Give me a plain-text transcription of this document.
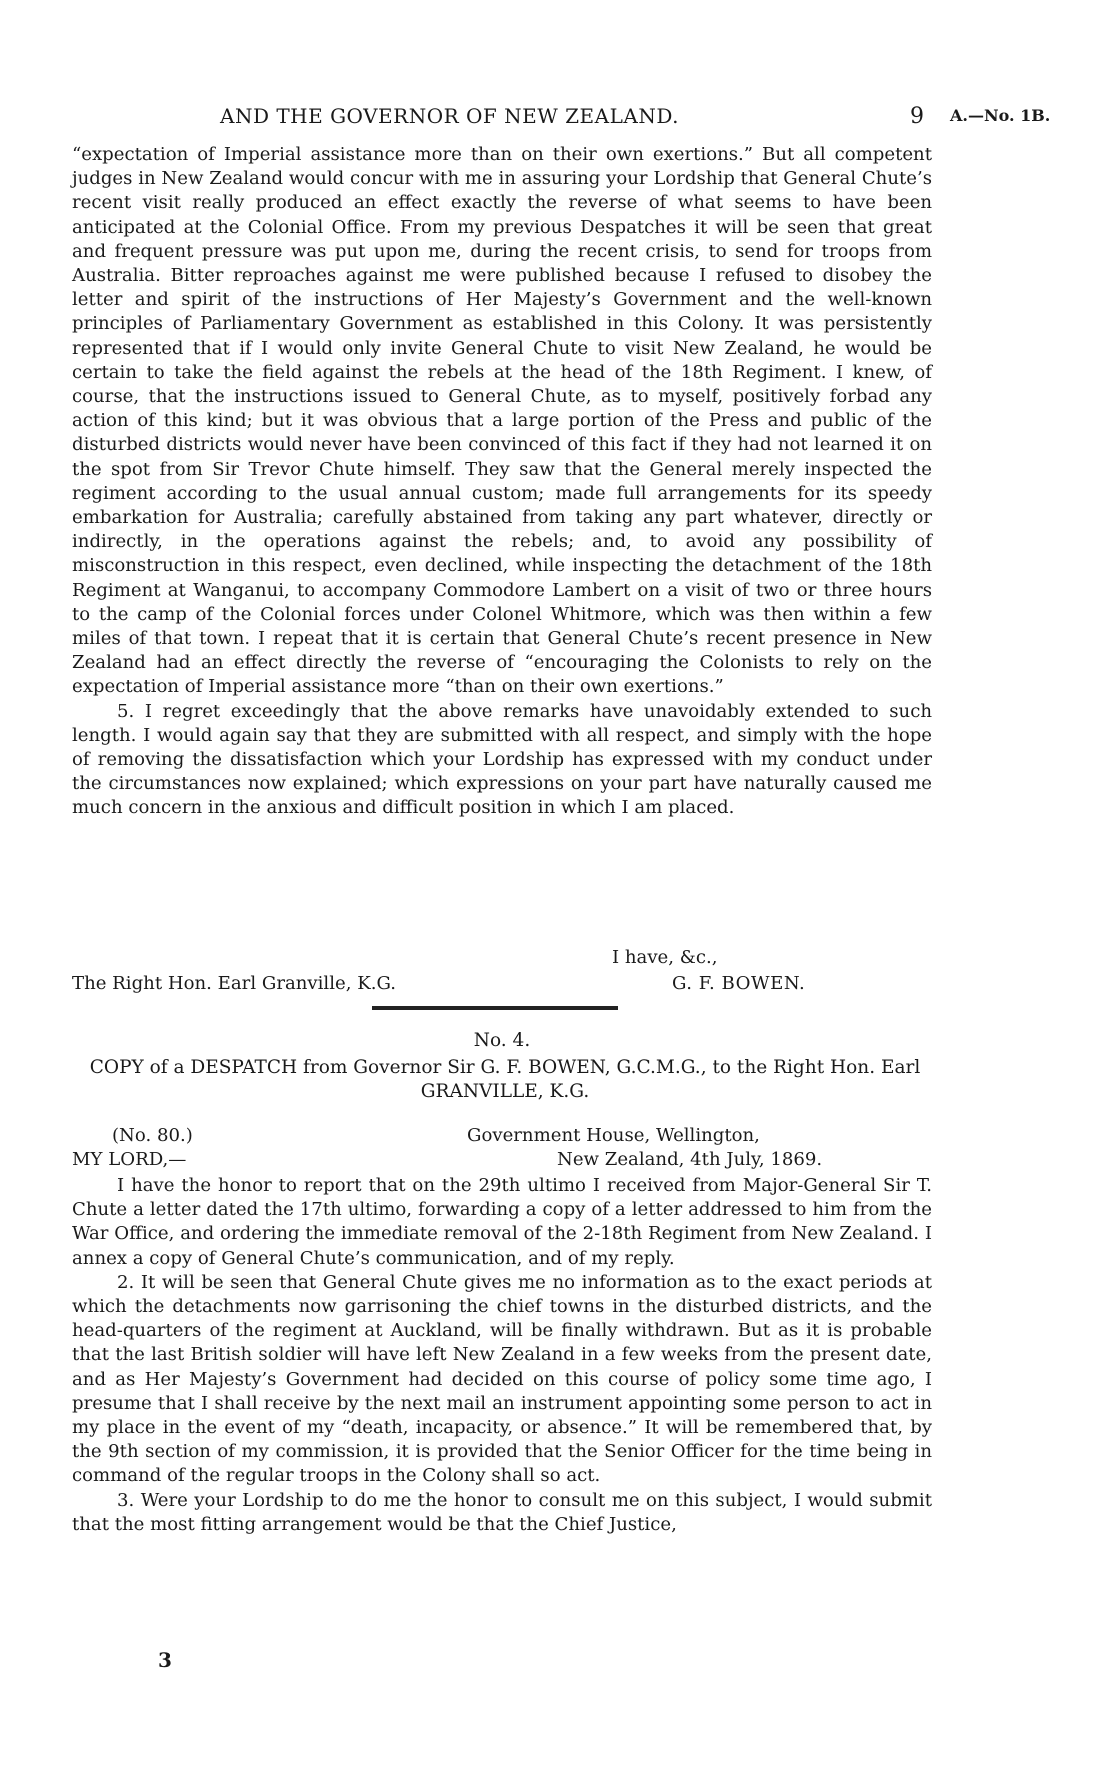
AND THE GOVERNOR OF NEW ZEALAND.	9 A.—No. 1B.

“expectation of Imperial assistance more than on their own exertions.” But all competent judges in New Zealand would concur with me in assuring your Lordship that General Chute’s recent visit really produced an effect exactly the reverse of what seems to have been anticipated at the Colonial Office. From my previous Despatches it will be seen that great and frequent pressure was put upon me, during the recent crisis, to send for troops from Australia. Bitter reproaches against me were published because I refused to disobey the letter and spirit of the instructions of Her Majesty’s Government and the well-known principles of Parliamentary Government as established in this Colony. It was persistently represented that if I would only invite General Chute to visit New Zealand, he would be certain to take the field against the rebels at the head of the 18th Regiment. I knew, of course, that the instructions issued to General Chute, as to myself, positively forbad any action of this kind; but it was obvious that a large portion of the Press and public of the disturbed districts would never have been convinced of this fact if they had not learned it on the spot from Sir Trevor Chute himself. They saw that the General merely inspected the regiment according to the usual annual custom; made full arrangements for its speedy embarkation for Australia; carefully abstained from taking any part whatever, directly or indirectly, in the operations against the rebels; and, to avoid any possibility of misconstruction in this respect, even declined, while inspecting the detachment of the 18th Regiment at Wanganui, to accompany Commodore Lambert on a visit of two or three hours to the camp of the Colonial forces under Colonel Whitmore, which was then within a few miles of that town. I repeat that it is certain that General Chute’s recent presence in New Zealand had an effect directly the reverse of “encouraging the Colonists to rely on the expectation of Imperial assistance more “than on their own exertions.”

5. I regret exceedingly that the above remarks have unavoidably extended to such length. I would again say that they are submitted with all respect, and simply with the hope of removing the dissatisfaction which your Lordship has expressed with my conduct under the circumstances now explained; which expressions on your part have naturally caused me much concern in the anxious and difficult position in which I am placed.

I have, &c.,
The Right Hon. Earl Granville, K.G.	G. F. BOWEN.
No. 4.
COPY of a DESPATCH from Governor Sir G. F. BOWEN, G.C.M.G., to the Right Hon. Earl GRANVILLE, K.G.
(No. 80.)	Government House, Wellington,
MY LORD,—	New Zealand, 4th July, 1869.

I have the honor to report that on the 29th ultimo I received from Major-General Sir T. Chute a letter dated the 17th ultimo, forwarding a copy of a letter addressed to him from the War Office, and ordering the immediate removal of the 2-18th Regiment from New Zealand. I annex a copy of General Chute’s communication, and of my reply.

2. It will be seen that General Chute gives me no information as to the exact periods at which the detachments now garrisoning the chief towns in the disturbed districts, and the head-quarters of the regiment at Auckland, will be finally withdrawn. But as it is probable that the last British soldier will have left New Zealand in a few weeks from the present date, and as Her Majesty’s Government had decided on this course of policy some time ago, I presume that I shall receive by the next mail an instrument appointing some person to act in my place in the event of my “death, incapacity, or absence.” It will be remembered that, by the 9th section of my commission, it is provided that the Senior Officer for the time being in command of the regular troops in the Colony shall so act.

3. Were your Lordship to do me the honor to consult me on this subject, I would submit that the most fitting arrangement would be that the Chief Justice,

3
